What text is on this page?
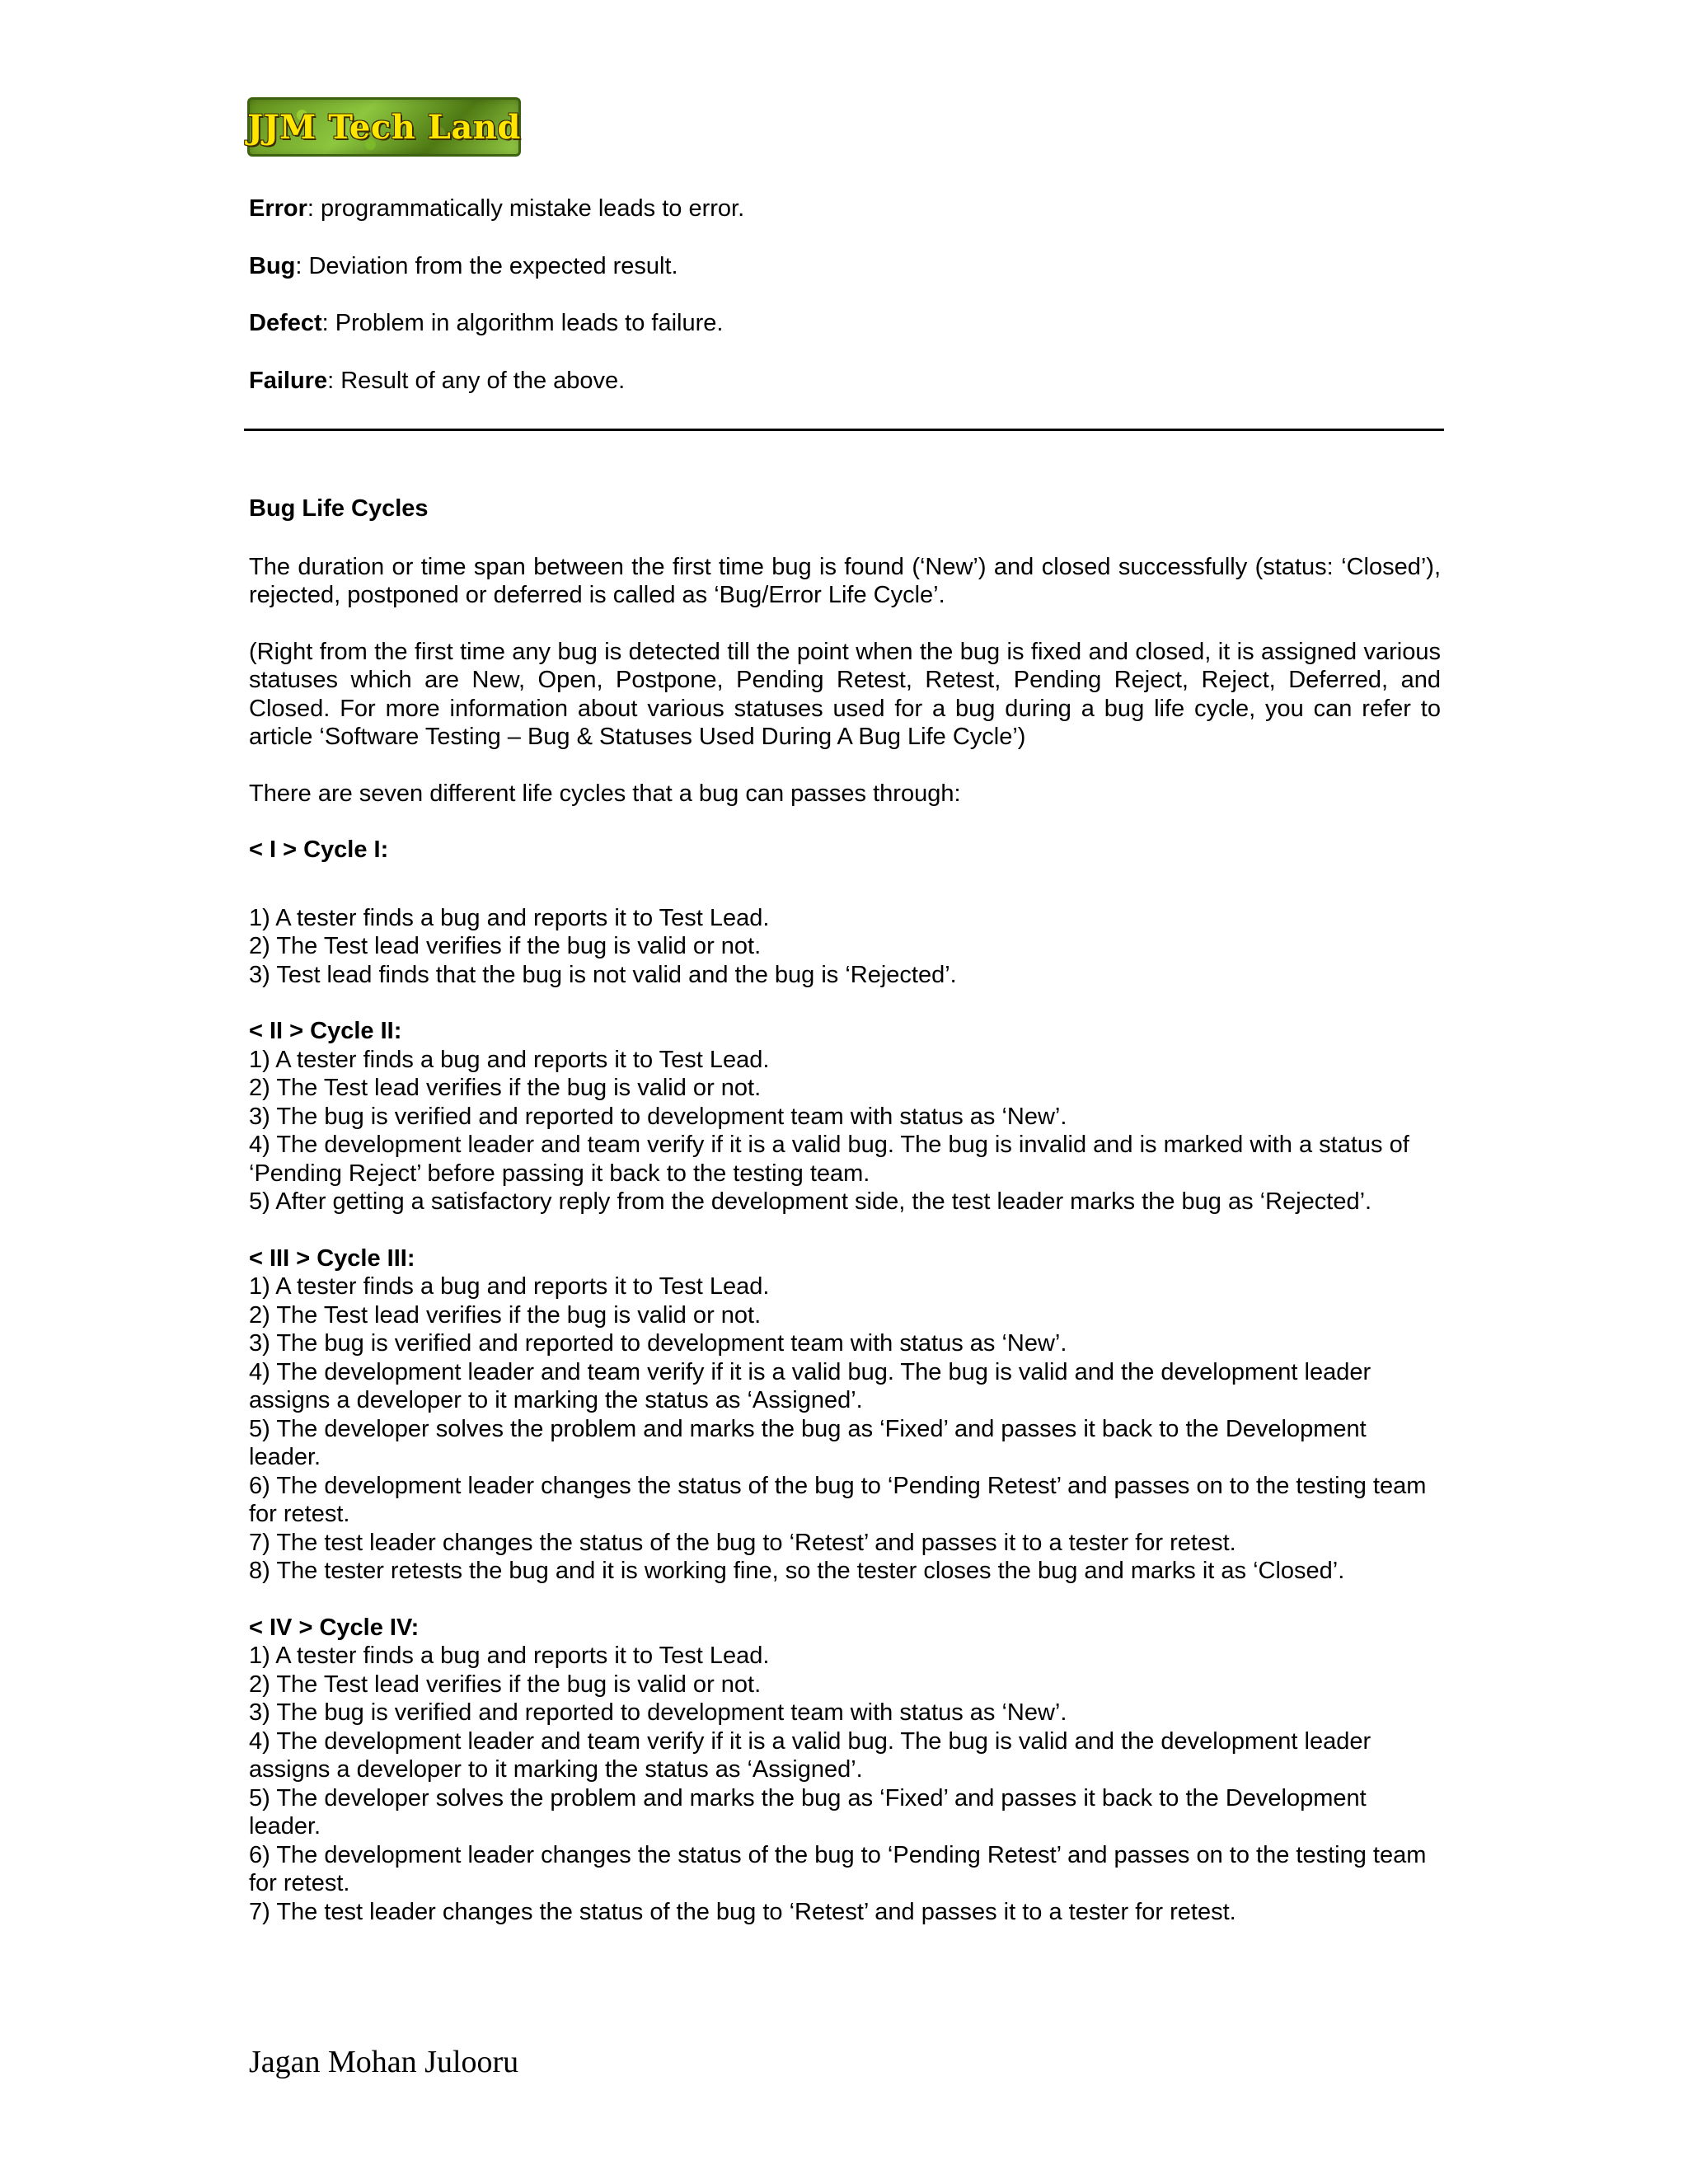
JJM Tech Land

Error: programmatically mistake leads to error.

Bug: Deviation from the expected result.

Defect: Problem in algorithm leads to failure.

Failure: Result of any of the above.

Bug Life Cycles

The duration or time span between the first time bug is found (‘New’) and closed successfully (status: ‘Closed’), rejected, postponed or deferred is called as ‘Bug/Error Life Cycle’.

(Right from the first time any bug is detected till the point when the bug is fixed and closed, it is assigned various statuses which are New, Open, Postpone, Pending Retest, Retest, Pending Reject, Reject, Deferred, and Closed. For more information about various statuses used for a bug during a bug life cycle, you can refer to article ‘Software Testing – Bug & Statuses Used During A Bug Life Cycle’)

There are seven different life cycles that a bug can passes through:

< I > Cycle I:

1) A tester finds a bug and reports it to Test Lead.
2) The Test lead verifies if the bug is valid or not.
3) Test lead finds that the bug is not valid and the bug is ‘Rejected’.

< II > Cycle II:

1) A tester finds a bug and reports it to Test Lead.
2) The Test lead verifies if the bug is valid or not.
3) The bug is verified and reported to development team with status as ‘New’.
4) The development leader and team verify if it is a valid bug. The bug is invalid and is marked with a status of ‘Pending Reject’ before passing it back to the testing team.
5) After getting a satisfactory reply from the development side, the test leader marks the bug as ‘Rejected’.

< III > Cycle III:

1) A tester finds a bug and reports it to Test Lead.
2) The Test lead verifies if the bug is valid or not.
3) The bug is verified and reported to development team with status as ‘New’.
4) The development leader and team verify if it is a valid bug. The bug is valid and the development leader assigns a developer to it marking the status as ‘Assigned’.
5) The developer solves the problem and marks the bug as ‘Fixed’ and passes it back to the Development leader.
6) The development leader changes the status of the bug to ‘Pending Retest’ and passes on to the testing team for retest.
7) The test leader changes the status of the bug to ‘Retest’ and passes it to a tester for retest.
8) The tester retests the bug and it is working fine, so the tester closes the bug and marks it as ‘Closed’.

< IV > Cycle IV:

1) A tester finds a bug and reports it to Test Lead.
2) The Test lead verifies if the bug is valid or not.
3) The bug is verified and reported to development team with status as ‘New’.
4) The development leader and team verify if it is a valid bug. The bug is valid and the development leader assigns a developer to it marking the status as ‘Assigned’.
5) The developer solves the problem and marks the bug as ‘Fixed’ and passes it back to the Development leader.
6) The development leader changes the status of the bug to ‘Pending Retest’ and passes on to the testing team for retest.
7) The test leader changes the status of the bug to ‘Retest’ and passes it to a tester for retest.
Jagan Mohan Julooru
